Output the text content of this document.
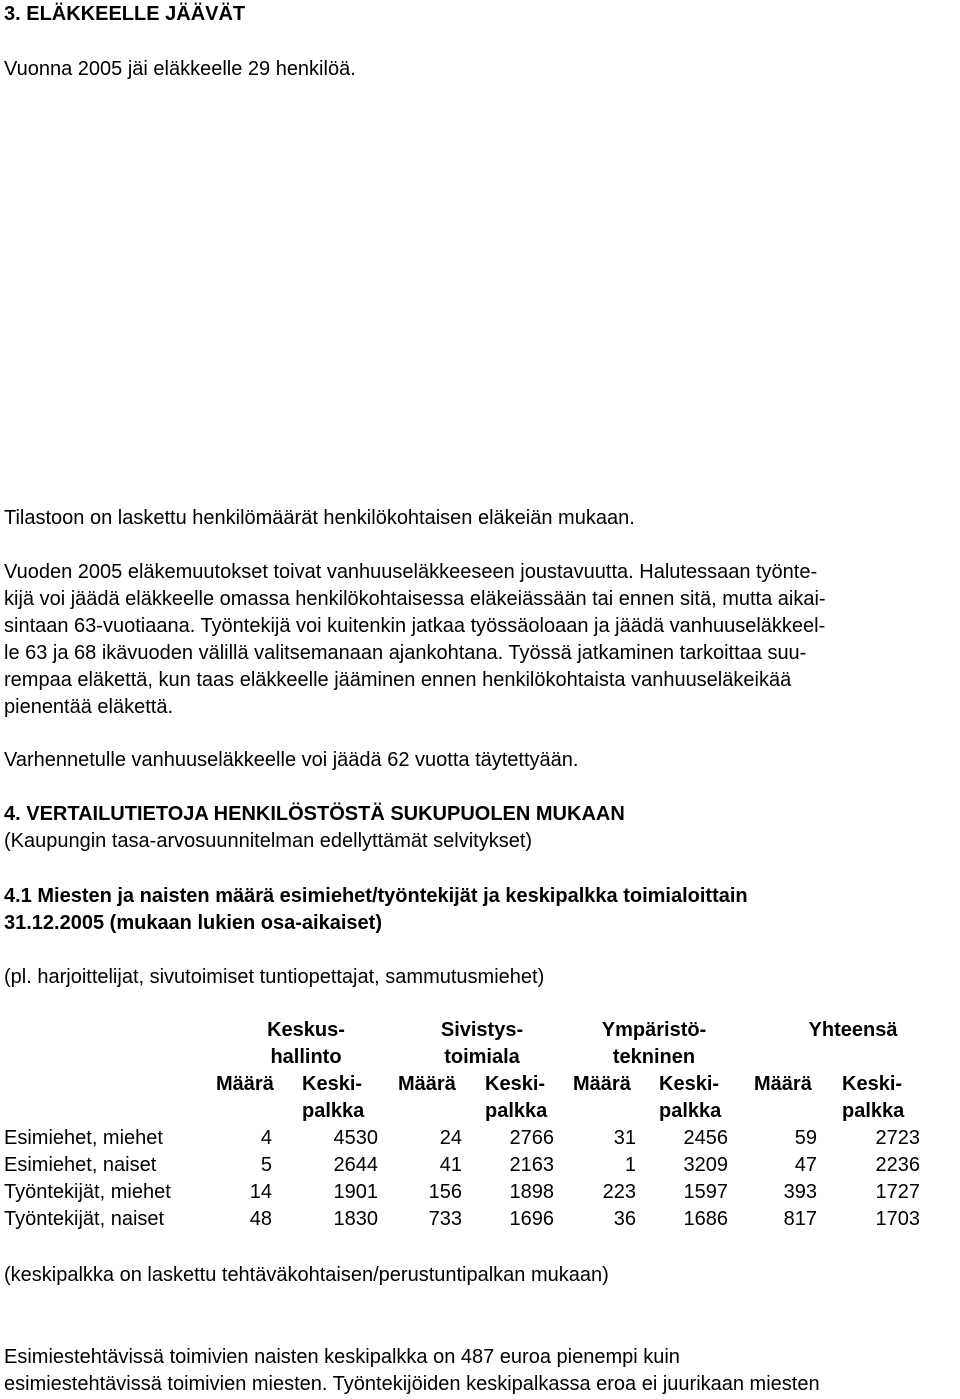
3. ELÄKKEELLE JÄÄVÄT
Vuonna 2005 jäi eläkkeelle 29 henkilöä.
Tilastoon on laskettu henkilömäärät henkilökohtaisen eläkeiän mukaan.

Vuoden 2005 eläkemuutokset toivat vanhuuseläkkeeseen joustavuutta. Halutessaan työnte-

kijä voi jäädä eläkkeelle omassa henkilökohtaisessa eläkeiässään tai ennen sitä, mutta aikai-

sintaan 63-vuotiaana. Työntekijä voi kuitenkin jatkaa työssäoloaan ja jäädä vanhuuseläkkeel-

le 63 ja 68 ikävuoden välillä valitsemanaan ajankohtana. Työssä jatkaminen tarkoittaa suu-

rempaa eläkettä, kun taas eläkkeelle jääminen ennen henkilökohtaista vanhuuseläkeikää

pienentää eläkettä.

Varhennetulle vanhuuseläkkeelle voi jäädä 62 vuotta täytettyään.
4. VERTAILUTIETOJA HENKILÖSTÖSTÄ SUKUPUOLEN MUKAAN
(Kaupungin tasa-arvosuunnitelman edellyttämät selvitykset)
4.1 Miesten ja naisten määrä esimiehet/työntekijät ja keskipalkka toimialoittain
31.12.2005 (mukaan lukien osa-aikaiset)
(pl. harjoittelijat, sivutoimiset tuntiopettajat, sammutusmiehet)
Keskus-	Sivistys-	Ympäristö-	Yhteensä
hallinto	toimiala	tekninen
Määrä Keski- Määrä Keski- Määrä Keski- Määrä Keski-
palkka	palkka	palkka	palkka
Esimiehet, miehet	4	4530	24	2766	31	2456	59	2723
Esimiehet, naiset	5	2644	41	2163	1	3209	47	2236
Työntekijät, miehet	14	1901	156	1898	223	1597	393	1727
Työntekijät, naiset	48	1830	733	1696	36	1686	817	1703
(keskipalkka on laskettu tehtäväkohtaisen/perustuntipalkan mukaan)

Esimiestehtävissä toimivien naisten keskipalkka on 487 euroa pienempi kuin

esimiestehtävissä toimivien miesten. Työntekijöiden keskipalkassa eroa ei juurikaan miesten
